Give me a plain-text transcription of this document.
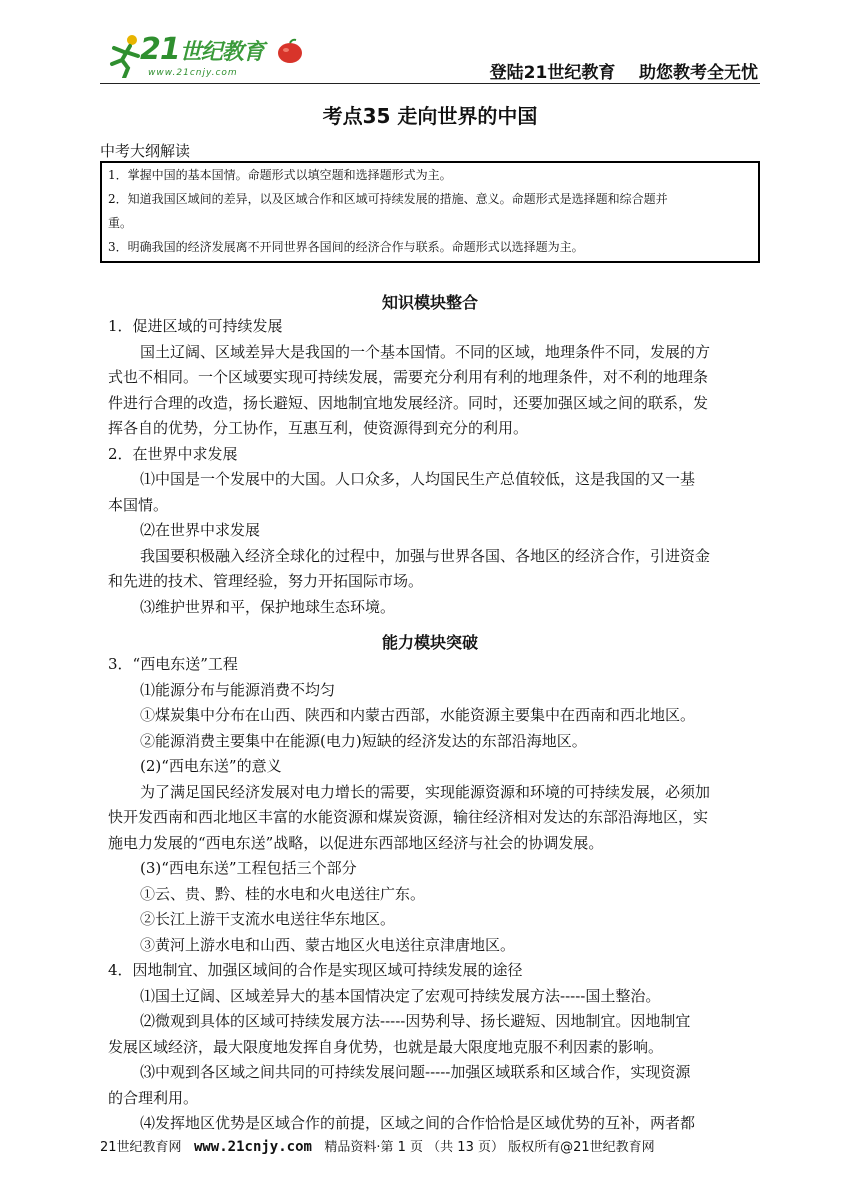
21世纪教育
www.21cnjy.com	登陆21世纪教育    助您教考全无忧
考点35 走向世界的中国
中考大纲解读

1．掌握中国的基本国情。命题形式以填空题和选择题形式为主。

2．知道我国区域间的差异，以及区域合作和区域可持续发展的措施、意义。命题形式是选择题和综合题并

重。

3．明确我国的经济发展离不开同世界各国间的经济合作与联系。命题形式以选择题为主。

知识模块整合

1．促进区域的可持续发展

国土辽阔、区域差异大是我国的一个基本国情。不同的区域，地理条件不同，发展的方

式也不相同。一个区域要实现可持续发展，需要充分利用有利的地理条件，对不利的地理条

件进行合理的改造，扬长避短、因地制宜地发展经济。同时，还要加强区域之间的联系，发

挥各自的优势，分工协作，互惠互利，使资源得到充分的利用。

2．在世界中求发展

⑴中国是一个发展中的大国。人口众多，人均国民生产总值较低，这是我国的又一基

本国情。

⑵在世界中求发展

我国要积极融入经济全球化的过程中，加强与世界各国、各地区的经济合作，引进资金

和先进的技术、管理经验，努力开拓国际市场。

⑶维护世界和平，保护地球生态环境。

能力模块突破

3．“西电东送”工程

⑴能源分布与能源消费不均匀

①煤炭集中分布在山西、陕西和内蒙古西部，水能资源主要集中在西南和西北地区。

②能源消费主要集中在能源(电力)短缺的经济发达的东部沿海地区。

(2)“西电东送”的意义

为了满足国民经济发展对电力增长的需要，实现能源资源和环境的可持续发展，必须加

快开发西南和西北地区丰富的水能资源和煤炭资源，输往经济相对发达的东部沿海地区，实

施电力发展的“西电东送”战略，以促进东西部地区经济与社会的协调发展。

(3)“西电东送”工程包括三个部分

①云、贵、黔、桂的水电和火电送往广东。

②长江上游干支流水电送往华东地区。

③黄河上游水电和山西、蒙古地区火电送往京津唐地区。

4．因地制宜、加强区域间的合作是实现区域可持续发展的途径

⑴国土辽阔、区域差异大的基本国情决定了宏观可持续发展方法-----国土整治。

⑵微观到具体的区域可持续发展方法-----因势利导、扬长避短、因地制宜。因地制宜

发展区域经济，最大限度地发挥自身优势，也就是最大限度地克服不利因素的影响。

⑶中观到各区域之间共同的可持续发展问题-----加强区域联系和区域合作，实现资源

的合理利用。

⑷发挥地区优势是区域合作的前提，区域之间的合作恰恰是区域优势的互补，两者都

21世纪教育网   www.21cnjy.com   精品资料·第 1 页 （共 13 页） 版权所有@21世纪教育网
